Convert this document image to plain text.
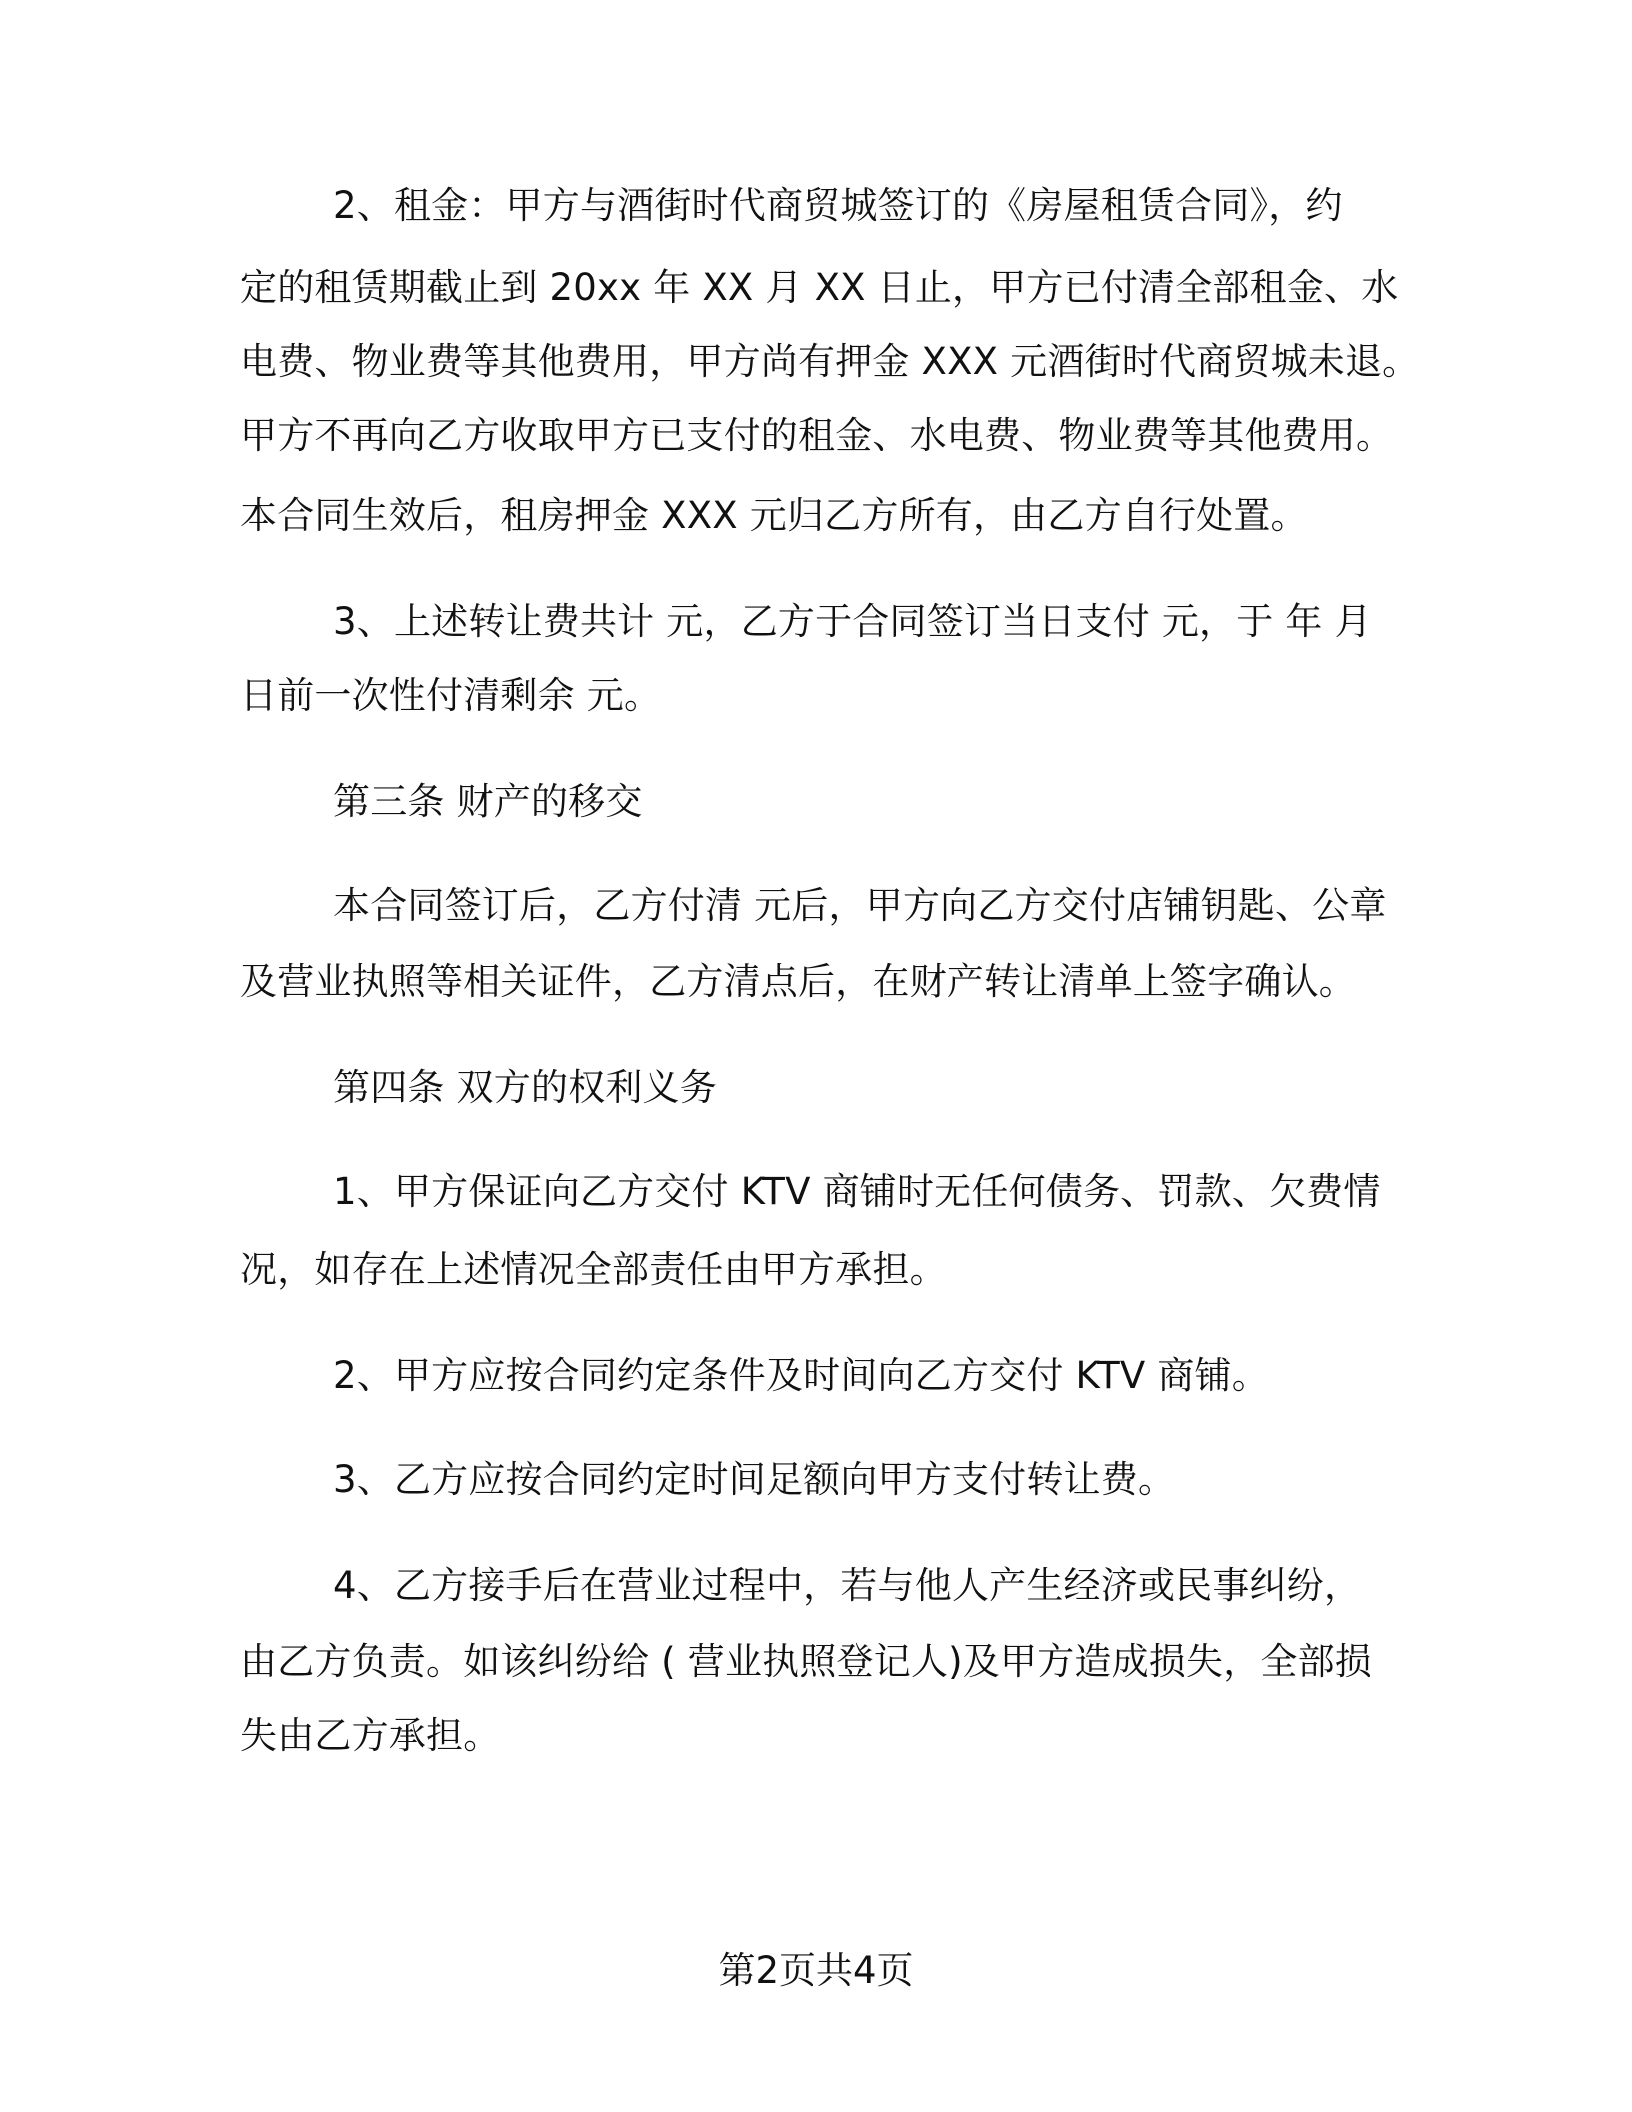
2、租金：甲方与酒街时代商贸城签订的《房屋租赁合同》，约
定的租赁期截止到 20xx 年 XX 月 XX 日止，甲方已付清全部租金、水
电费、物业费等其他费用，甲方尚有押金 XXX 元酒街时代商贸城未退。
甲方不再向乙方收取甲方已支付的租金、水电费、物业费等其他费用。
本合同生效后，租房押金 XXX 元归乙方所有，由乙方自行处置。
3、上述转让费共计 元，乙方于合同签订当日支付 元，于 年 月
日前一次性付清剩余 元。
第三条 财产的移交
本合同签订后，乙方付清 元后，甲方向乙方交付店铺钥匙、公章
及营业执照等相关证件，乙方清点后，在财产转让清单上签字确认。
第四条 双方的权利义务
1、甲方保证向乙方交付 KTV 商铺时无任何债务、罚款、欠费情
况，如存在上述情况全部责任由甲方承担。
2、甲方应按合同约定条件及时间向乙方交付 KTV 商铺。
3、乙方应按合同约定时间足额向甲方支付转让费。
4、乙方接手后在营业过程中，若与他人产生经济或民事纠纷，
由乙方负责。如该纠纷给 ( 营业执照登记人)及甲方造成损失，全部损
失由乙方承担。
第2页共4页
